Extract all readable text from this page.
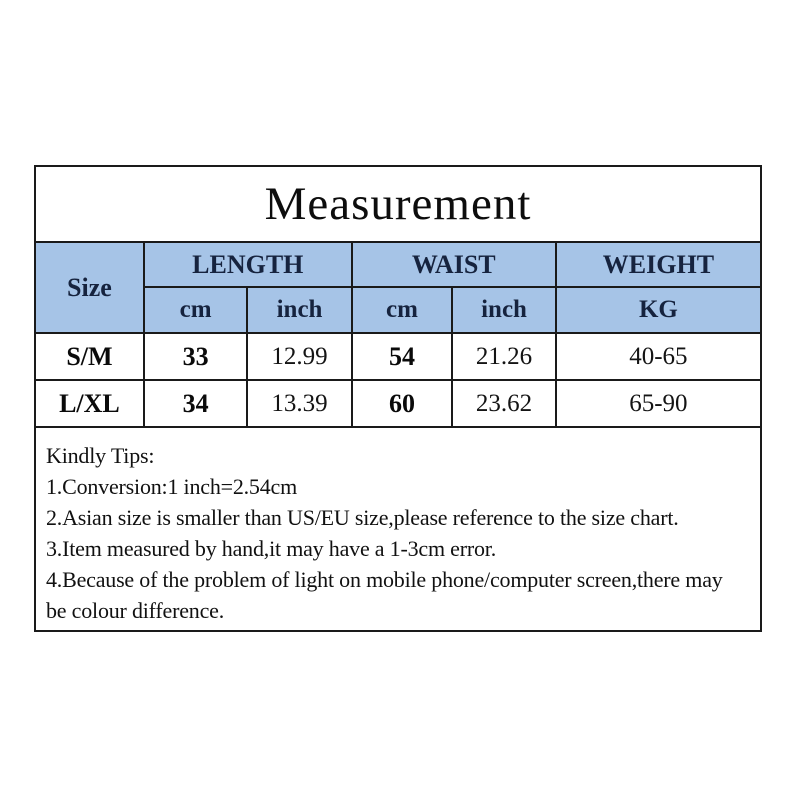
Measurement
Size	LENGTH		WAIST		WEIGHT
	cm	inch	cm	inch	KG
S/M	33	12.99	54	21.26	40-65
L/XL	34	13.39	60	23.62	65-90
Kindly Tips:
1.Conversion:1 inch=2.54cm
2.Asian size is smaller than US/EU size,please reference to the size chart.
3.Item measured by hand,it may have a 1-3cm error.
4.Because of the problem of light on mobile phone/computer screen,there may  be colour difference.
